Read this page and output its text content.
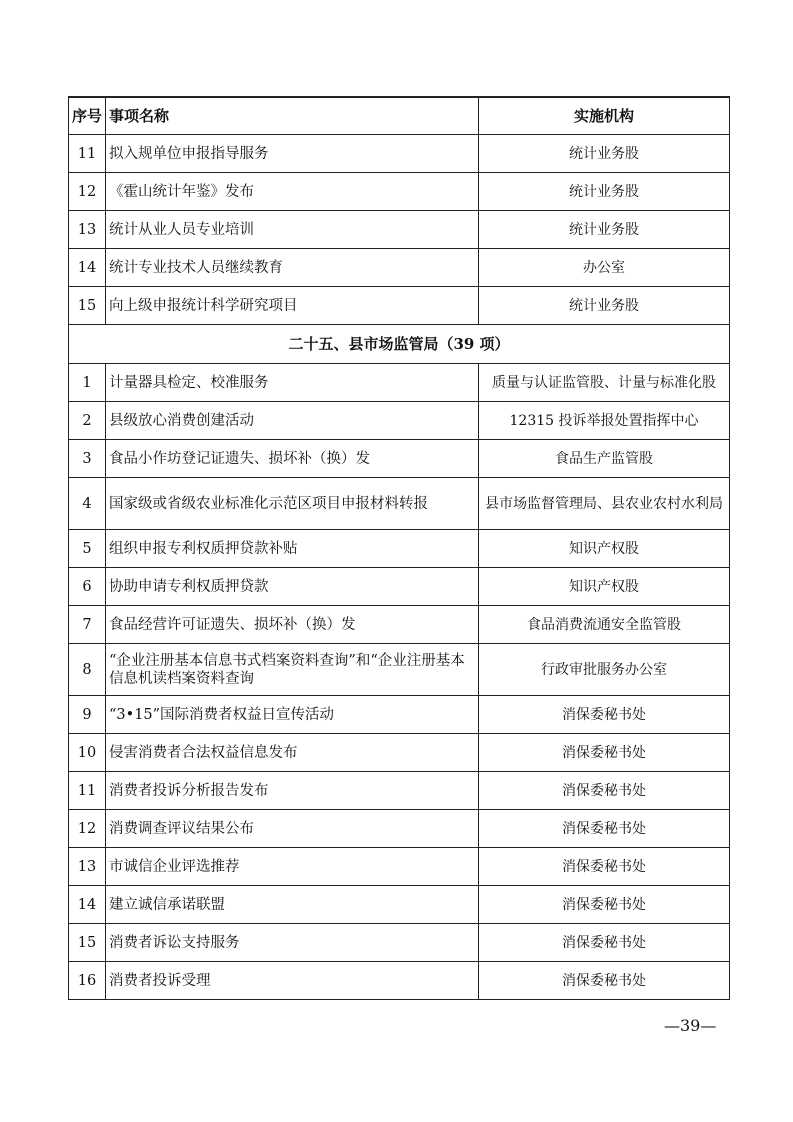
序号	事项名称	实施机构
11	拟入规单位申报指导服务	统计业务股
12	《霍山统计年鉴》发布	统计业务股
13	统计从业人员专业培训	统计业务股
14	统计专业技术人员继续教育	办公室
15	向上级申报统计科学研究项目	统计业务股
二十五、县市场监管局（39 项）		
1	计量器具检定、校准服务	质量与认证监管股、计量与标准化股
2	县级放心消费创建活动	12315 投诉举报处置指挥中心
3	食品小作坊登记证遗失、损坏补（换）发	食品生产监管股
4	国家级或省级农业标准化示范区项目申报材料转报	县市场监督管理局、县农业农村水利局
5	组织申报专利权质押贷款补贴	知识产权股
6	协助申请专利权质押贷款	知识产权股
7	食品经营许可证遗失、损坏补（换）发	食品消费流通安全监管股
8	“企业注册基本信息书式档案资料查询”和“企业注册基本信息机读档案资料查询	行政审批服务办公室
9	“3•15”国际消费者权益日宣传活动	消保委秘书处
10	侵害消费者合法权益信息发布	消保委秘书处
11	消费者投诉分析报告发布	消保委秘书处
12	消费调查评议结果公布	消保委秘书处
13	市诚信企业评选推荐	消保委秘书处
14	建立诚信承诺联盟	消保委秘书处
15	消费者诉讼支持服务	消保委秘书处
16	消费者投诉受理	消保委秘书处
—39—
